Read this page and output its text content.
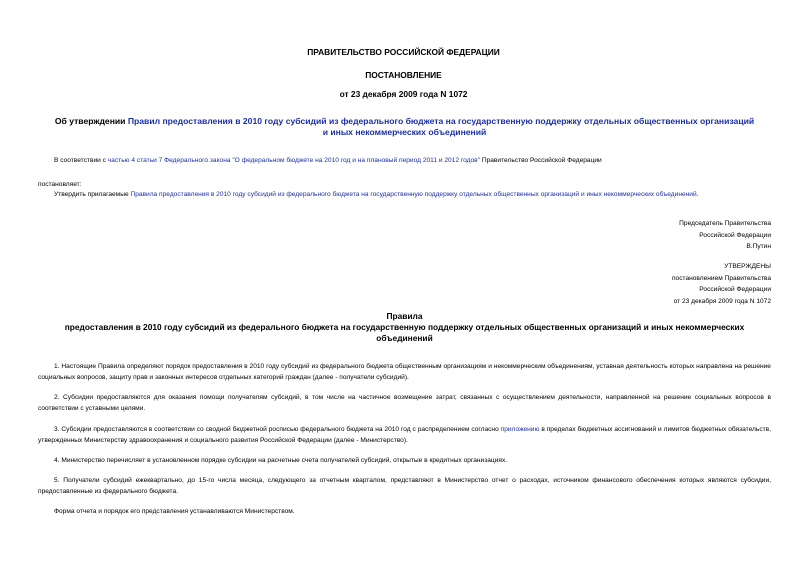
ПРАВИТЕЛЬСТВО РОССИЙСКОЙ ФЕДЕРАЦИИ
ПОСТАНОВЛЕНИЕ
от 23 декабря 2009 года N 1072
Об утверждении Правил предоставления в 2010 году субсидий из федерального бюджета на государственную поддержку отдельных общественных организаций
и иных некоммерческих объединений
В соответствии с частью 4 статьи 7 Федерального закона "О федеральном бюджете на 2010 год и на плановый период 2011 и 2012 годов" Правительство Российской Федерации
постановляет:
Утвердить прилагаемые Правила предоставления в 2010 году субсидий из федерального бюджета на государственную поддержку отдельных общественных организаций и иных некоммерческих объединений.
Председатель Правительства
Российской Федерации
В.Путин
УТВЕРЖДЕНЫ
постановлением Правительства
Российской Федерации
от 23 декабря 2009 года N 1072
Правила
предоставления в 2010 году субсидий из федерального бюджета на государственную поддержку отдельных общественных организаций и иных некоммерческих
объединений
1. Настоящие Правила определяют порядок предоставления в 2010 году субсидий из федерального бюджета общественным организациям и некоммерческим объединениям, уставная деятельность которых направлена на решение социальных вопросов, защиту прав и законных интересов отдельных категорий граждан (далее - получатели субсидий).
2. Субсидии предоставляются для оказания помощи получателям субсидий, в том числе на частичное возмещение затрат, связанных с осуществлением деятельности, направленной на решение социальных вопросов в соответствии с уставными целями.
3. Субсидии предоставляются в соответствии со сводной бюджетной росписью федерального бюджета на 2010 год с распределением согласно приложению в пределах бюджетных ассигнований и лимитов бюджетных обязательств, утвержденных Министерству здравоохранения и социального развития Российской Федерации (далее - Министерство).
4. Министерство перечисляет в установленном порядке субсидии на расчетные счета получателей субсидий, открытые в кредитных организациях.
5. Получатели субсидий ежеквартально, до 15-го числа месяца, следующего за отчетным кварталом, представляют в Министерство отчет о расходах, источником финансового обеспечения которых являются субсидии, предоставленные из федерального бюджета.
Форма отчета и порядок его представления устанавливаются Министерством.
